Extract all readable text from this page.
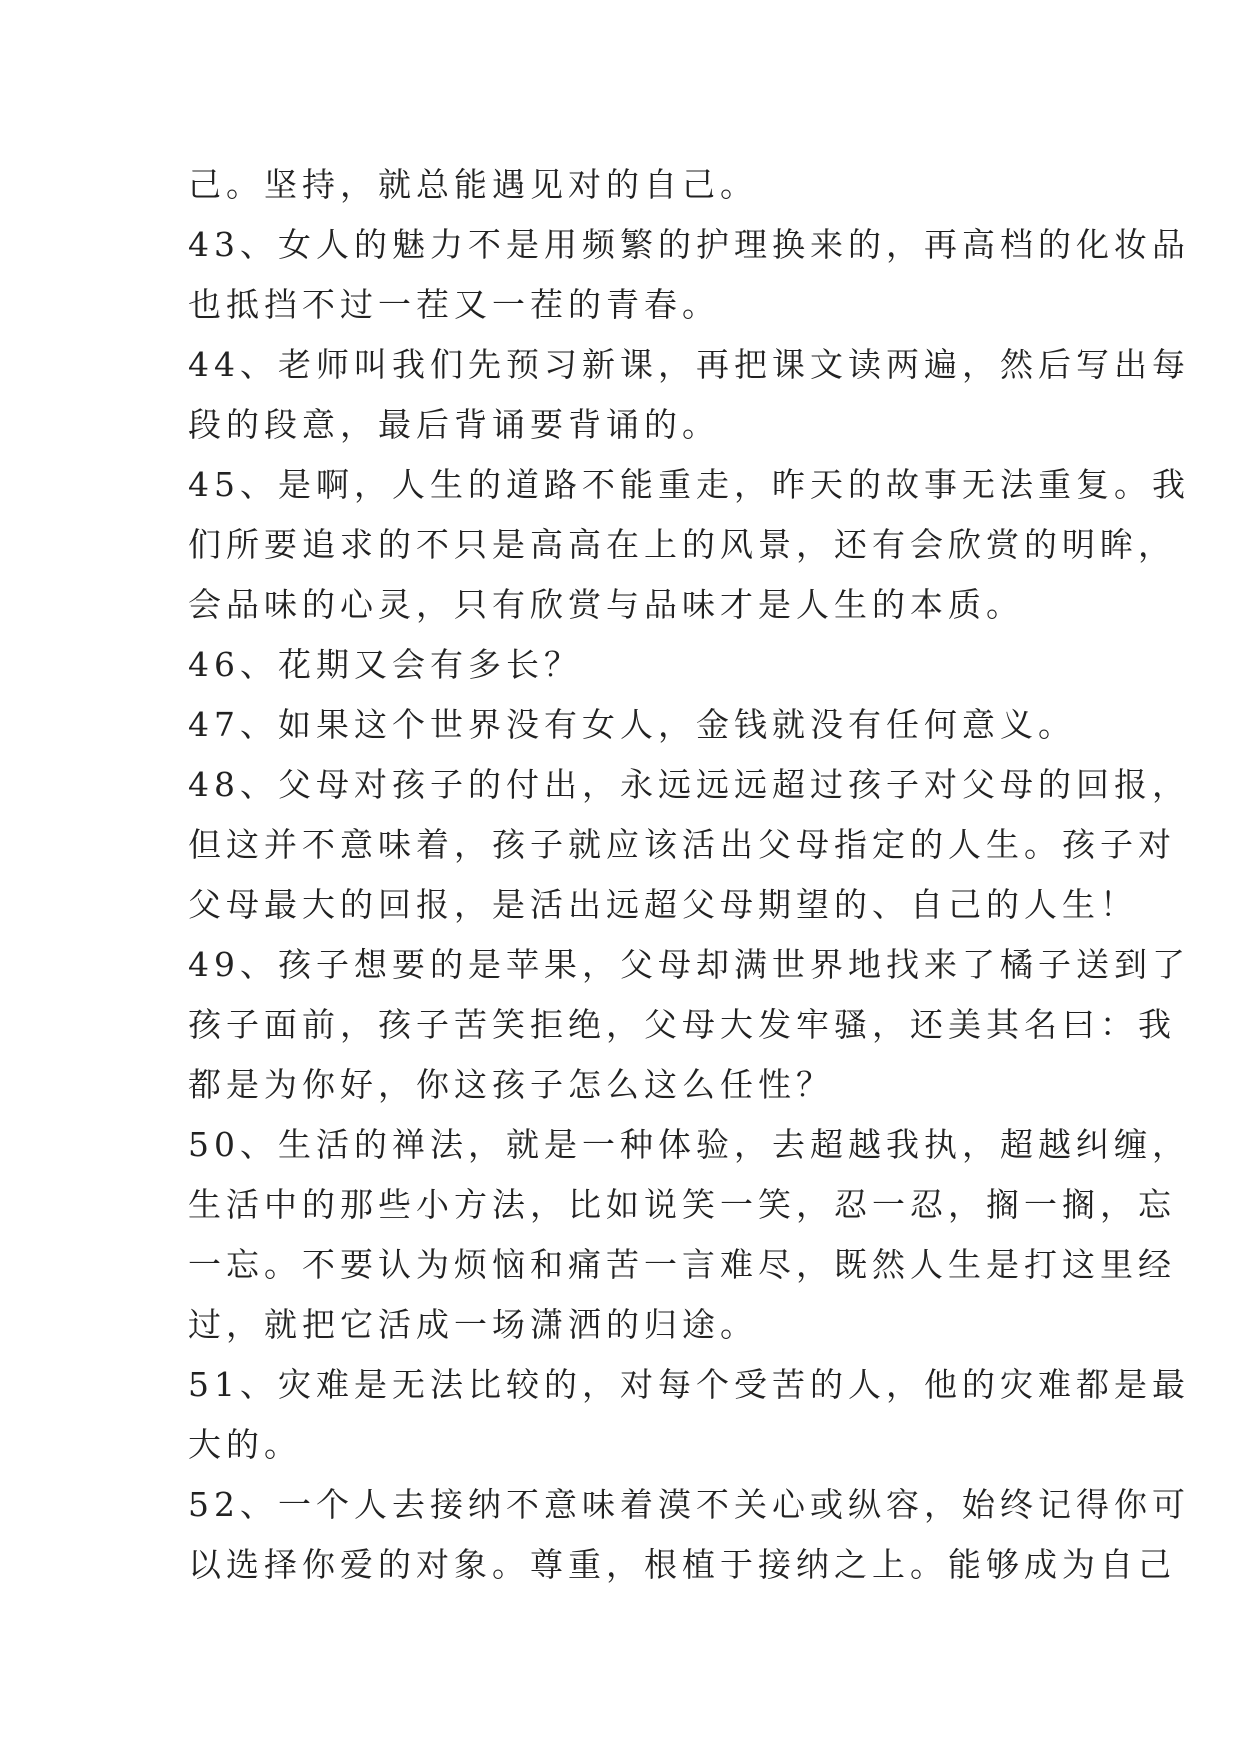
己。坚持，就总能遇见对的自己。
43、女人的魅力不是用频繁的护理换来的，再高档的化妆品
也抵挡不过一茬又一茬的青春。
44、老师叫我们先预习新课，再把课文读两遍，然后写出每
段的段意，最后背诵要背诵的。
45、是啊，人生的道路不能重走，昨天的故事无法重复。我
们所要追求的不只是高高在上的风景，还有会欣赏的明眸，
会品味的心灵，只有欣赏与品味才是人生的本质。
46、花期又会有多长？
47、如果这个世界没有女人，金钱就没有任何意义。
48、父母对孩子的付出，永远远远超过孩子对父母的回报，
但这并不意味着，孩子就应该活出父母指定的人生。孩子对
父母最大的回报，是活出远超父母期望的、自己的人生！
49、孩子想要的是苹果，父母却满世界地找来了橘子送到了
孩子面前，孩子苦笑拒绝，父母大发牢骚，还美其名曰：我
都是为你好，你这孩子怎么这么任性？
50、生活的禅法，就是一种体验，去超越我执，超越纠缠，
生活中的那些小方法，比如说笑一笑，忍一忍，搁一搁，忘
一忘。不要认为烦恼和痛苦一言难尽，既然人生是打这里经
过，就把它活成一场潇洒的归途。
51、灾难是无法比较的，对每个受苦的人，他的灾难都是最
大的。
52、一个人去接纳不意味着漠不关心或纵容，始终记得你可
以选择你爱的对象。尊重，根植于接纳之上。能够成为自己
